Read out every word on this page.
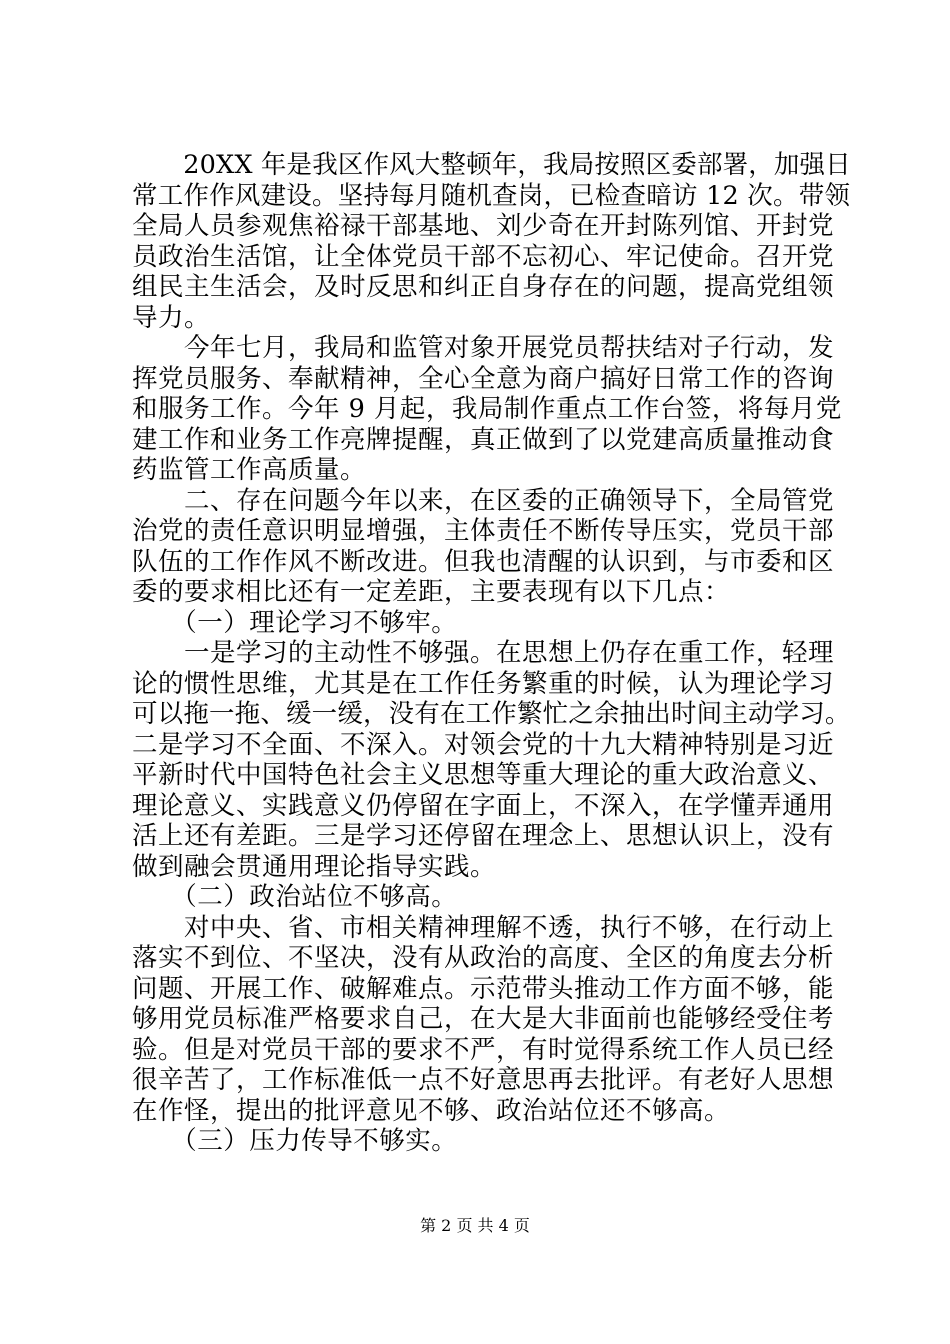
　　20XX 年是我区作风大整顿年，我局按照区委部署，加强日
常工作作风建设。坚持每月随机查岗，已检查暗访 12 次。带领
全局人员参观焦裕禄干部基地、刘少奇在开封陈列馆、开封党
员政治生活馆，让全体党员干部不忘初心、牢记使命。召开党
组民主生活会，及时反思和纠正自身存在的问题，提高党组领
导力。
　　今年七月，我局和监管对象开展党员帮扶结对子行动，发
挥党员服务、奉献精神，全心全意为商户搞好日常工作的咨询
和服务工作。今年 9 月起，我局制作重点工作台签，将每月党
建工作和业务工作亮牌提醒，真正做到了以党建高质量推动食
药监管工作高质量。
　　二、存在问题今年以来，在区委的正确领导下，全局管党
治党的责任意识明显增强，主体责任不断传导压实，党员干部
队伍的工作作风不断改进。但我也清醒的认识到，与市委和区
委的要求相比还有一定差距，主要表现有以下几点：
　　（一）理论学习不够牢。
　　一是学习的主动性不够强。在思想上仍存在重工作，轻理
论的惯性思维，尤其是在工作任务繁重的时候，认为理论学习
可以拖一拖、缓一缓，没有在工作繁忙之余抽出时间主动学习。
二是学习不全面、不深入。对领会党的十九大精神特别是习近
平新时代中国特色社会主义思想等重大理论的重大政治意义、
理论意义、实践意义仍停留在字面上，不深入，在学懂弄通用
活上还有差距。三是学习还停留在理念上、思想认识上，没有
做到融会贯通用理论指导实践。
　　（二）政治站位不够高。
　　对中央、省、市相关精神理解不透，执行不够，在行动上
落实不到位、不坚决，没有从政治的高度、全区的角度去分析
问题、开展工作、破解难点。示范带头推动工作方面不够，能
够用党员标准严格要求自己，在大是大非面前也能够经受住考
验。但是对党员干部的要求不严，有时觉得系统工作人员已经
很辛苦了，工作标准低一点不好意思再去批评。有老好人思想
在作怪，提出的批评意见不够、政治站位还不够高。
　　（三）压力传导不够实。
第 2 页 共 4 页
